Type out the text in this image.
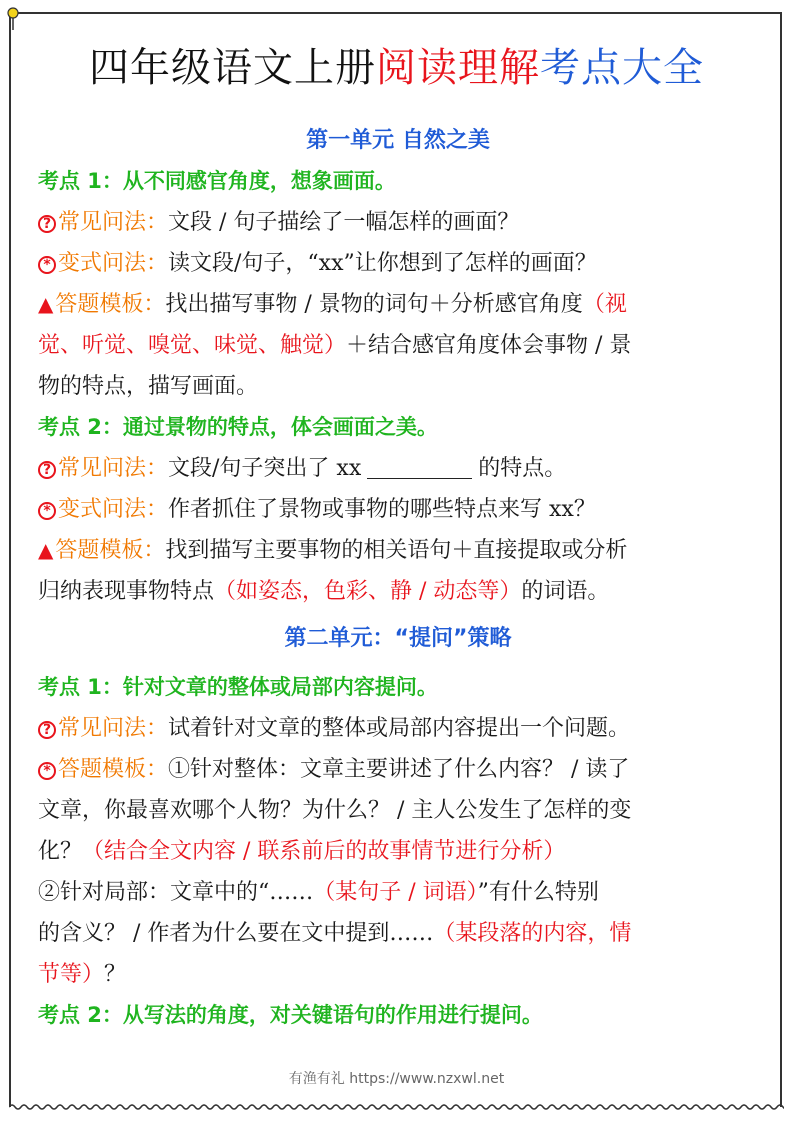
四年级语文上册阅读理解考点大全
第一单元 自然之美
考点 1：从不同感官角度，想象画面。
? 常见问法：文段 / 句子描绘了一幅怎样的画面？
* 变式问法：读文段/句子，“xx”让你想到了怎样的画面？
▲答题模板：找出描写事物 / 景物的词句＋分析感官角度（视
觉、听觉、嗅觉、味觉、触觉）＋结合感官角度体会事物 / 景
物的特点，描写画面。
考点 2：通过景物的特点，体会画面之美。
? 常见问法：文段/句子突出了 xx	的特点。
* 变式问法：作者抓住了景物或事物的哪些特点来写 xx？
▲答题模板：找到描写主要事物的相关语句＋直接提取或分析
归纳表现事物特点（如姿态，色彩、静 / 动态等）的词语。
第二单元：“提问”策略
考点 1：针对文章的整体或局部内容提问。
? 常见问法：试着针对文章的整体或局部内容提出一个问题。
* 答题模板：①针对整体：文章主要讲述了什么内容？ / 读了
文章，你最喜欢哪个人物？为什么？ / 主人公发生了怎样的变
化？（结合全文内容 / 联系前后的故事情节进行分析）
②针对局部：文章中的“……（某句子 / 词语）”有什么特别
的含义？ / 作者为什么要在文中提到……（某段落的内容，情
节等）？
考点 2：从写法的角度，对关键语句的作用进行提问。
有渔有礼 https://www.nzxwl.net
